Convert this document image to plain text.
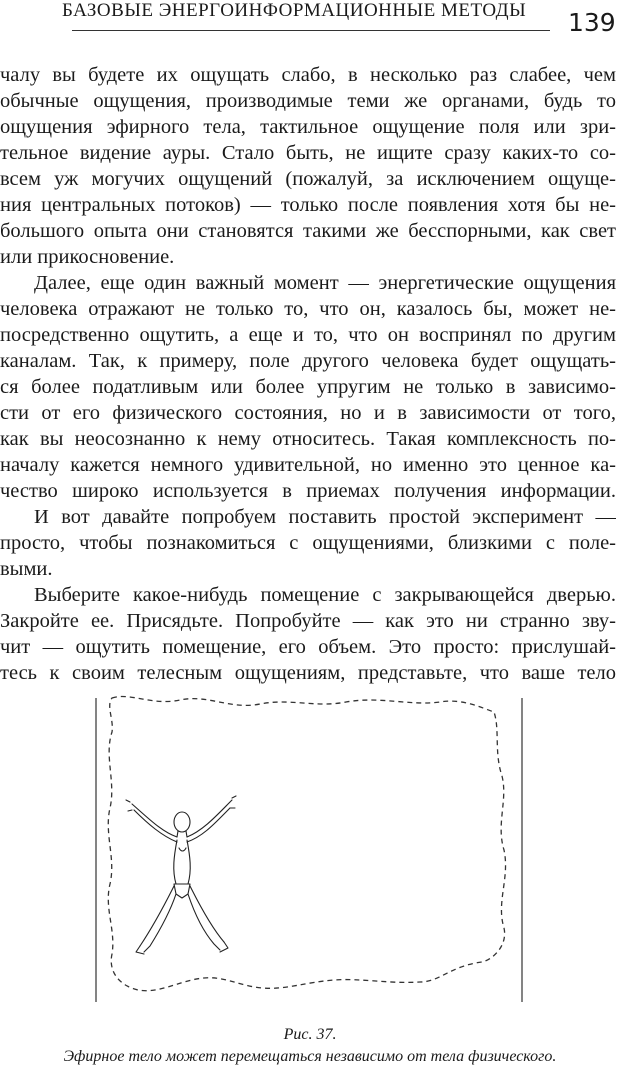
БАЗОВЫЕ ЭНЕРГОИНФОРМАЦИОННЫЕ МЕТОДЫ 139
чалу вы будете их ощущать слабо, в несколько раз слабее, чем
обычные ощущения, производимые теми же органами, будь то
ощущения эфирного тела, тактильное ощущение поля или зри-
тельное видение ауры. Стало быть, не ищите сразу каких-то со-
всем уж могучих ощущений (пожалуй, за исключением ощуще-
ния центральных потоков) — только после появления хотя бы не-
большого опыта они становятся такими же бесспорными, как свет
или прикосновение.
Далее, еще один важный момент — энергетические ощущения
человека отражают не только то, что он, казалось бы, может не-
посредственно ощутить, а еще и то, что он воспринял по другим
каналам. Так, к примеру, поле другого человека будет ощущать-
ся более податливым или более упругим не только в зависимо-
сти от его физического состояния, но и в зависимости от того,
как вы неосознанно к нему относитесь. Такая комплексность по-
началу кажется немного удивительной, но именно это ценное ка-
чество широко используется в приемах получения информации.
И вот давайте попробуем поставить простой эксперимент —
просто, чтобы познакомиться с ощущениями, близкими с поле-
выми.
Выберите какое-нибудь помещение с закрывающейся дверью.
Закройте ее. Присядьте. Попробуйте — как это ни странно зву-
чит — ощутить помещение, его объем. Это просто: прислушай-
тесь к своим телесным ощущениям, представьте, что ваше тело
Рис. 37.
Эфирное тело может перемещаться независимо от тела физического.
